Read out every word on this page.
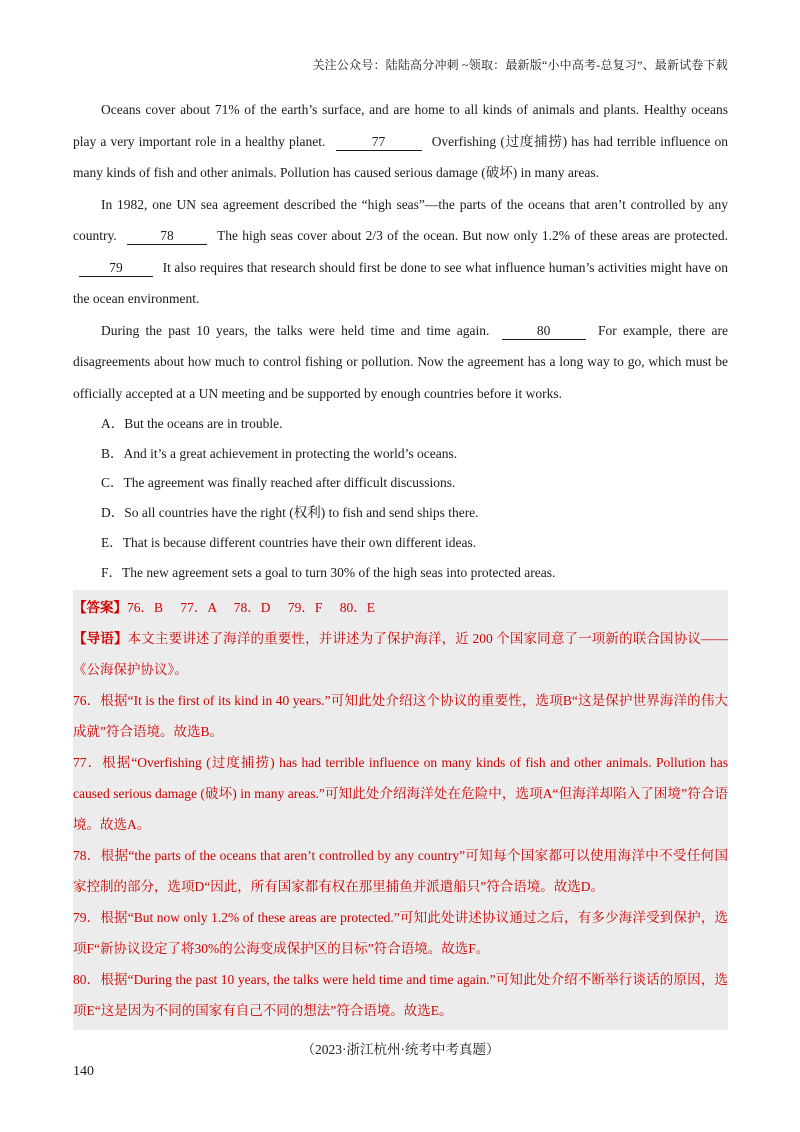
关注公众号：陆陆高分冲刺 ~领取：最新版“小中高考-总复习”、最新试卷下载

Oceans cover about 71% of the earth’s surface, and are home to all kinds of animals and plants. Healthy oceans play a very important role in a healthy planet.	77	Overfishing (过度捕捞) has had terrible influence on many kinds of fish and other animals. Pollution has caused serious damage (破坏) in many areas.

In 1982, one UN sea agreement described the “high seas”—the parts of the oceans that aren’t controlled by any country.	78	The high seas cover about 2/3 of the ocean. But now only 1.2% of these areas are protected. 79	It also requires that research should first be done to see what influence human’s activities might have on the ocean environment.

During the past 10 years, the talks were held time and time again.	80	For example, there are disagreements about how much to control fishing or pollution. Now the agreement has a long way to go, which must be officially accepted at a UN meeting and be supported by enough countries before it works.

A．But the oceans are in trouble.

B．And it’s a great achievement in protecting the world’s oceans.

C．The agreement was finally reached after difficult discussions.

D．So all countries have the right (权利) to fish and send ships there.

E．That is because different countries have their own different ideas.

F．The new agreement sets a goal to turn 30% of the high seas into protected areas.

【答案】76．B 77．A 78．D 79．F 80．E

【导语】本文主要讲述了海洋的重要性，并讲述为了保护海洋，近 200 个国家同意了一项新的联合国协议——《公海保护协议》。

76．根据“It is the first of its kind in 40 years.”可知此处介绍这个协议的重要性，选项B“这是保护世界海洋的伟大成就”符合语境。故选B。

77．根据“Overfishing (过度捕捞) has had terrible influence on many kinds of fish and other animals. Pollution has caused serious damage (破坏) in many areas.”可知此处介绍海洋处在危险中，选项A“但海洋却陷入了困境”符合语境。故选A。

78．根据“the parts of the oceans that aren’t controlled by any country”可知每个国家都可以使用海洋中不受任何国家控制的部分，选项D“因此，所有国家都有权在那里捕鱼并派遣船只”符合语境。故选D。

79．根据“But now only 1.2% of these areas are protected.”可知此处讲述协议通过之后，有多少海洋受到保护，选项F“新协议设定了将30%的公海变成保护区的目标”符合语境。故选F。

80．根据“During the past 10 years, the talks were held time and time again.”可知此处介绍不断举行谈话的原因，选项E“这是因为不同的国家有自己不同的想法”符合语境。故选E。

（2023·浙江杭州·统考中考真题）
140
